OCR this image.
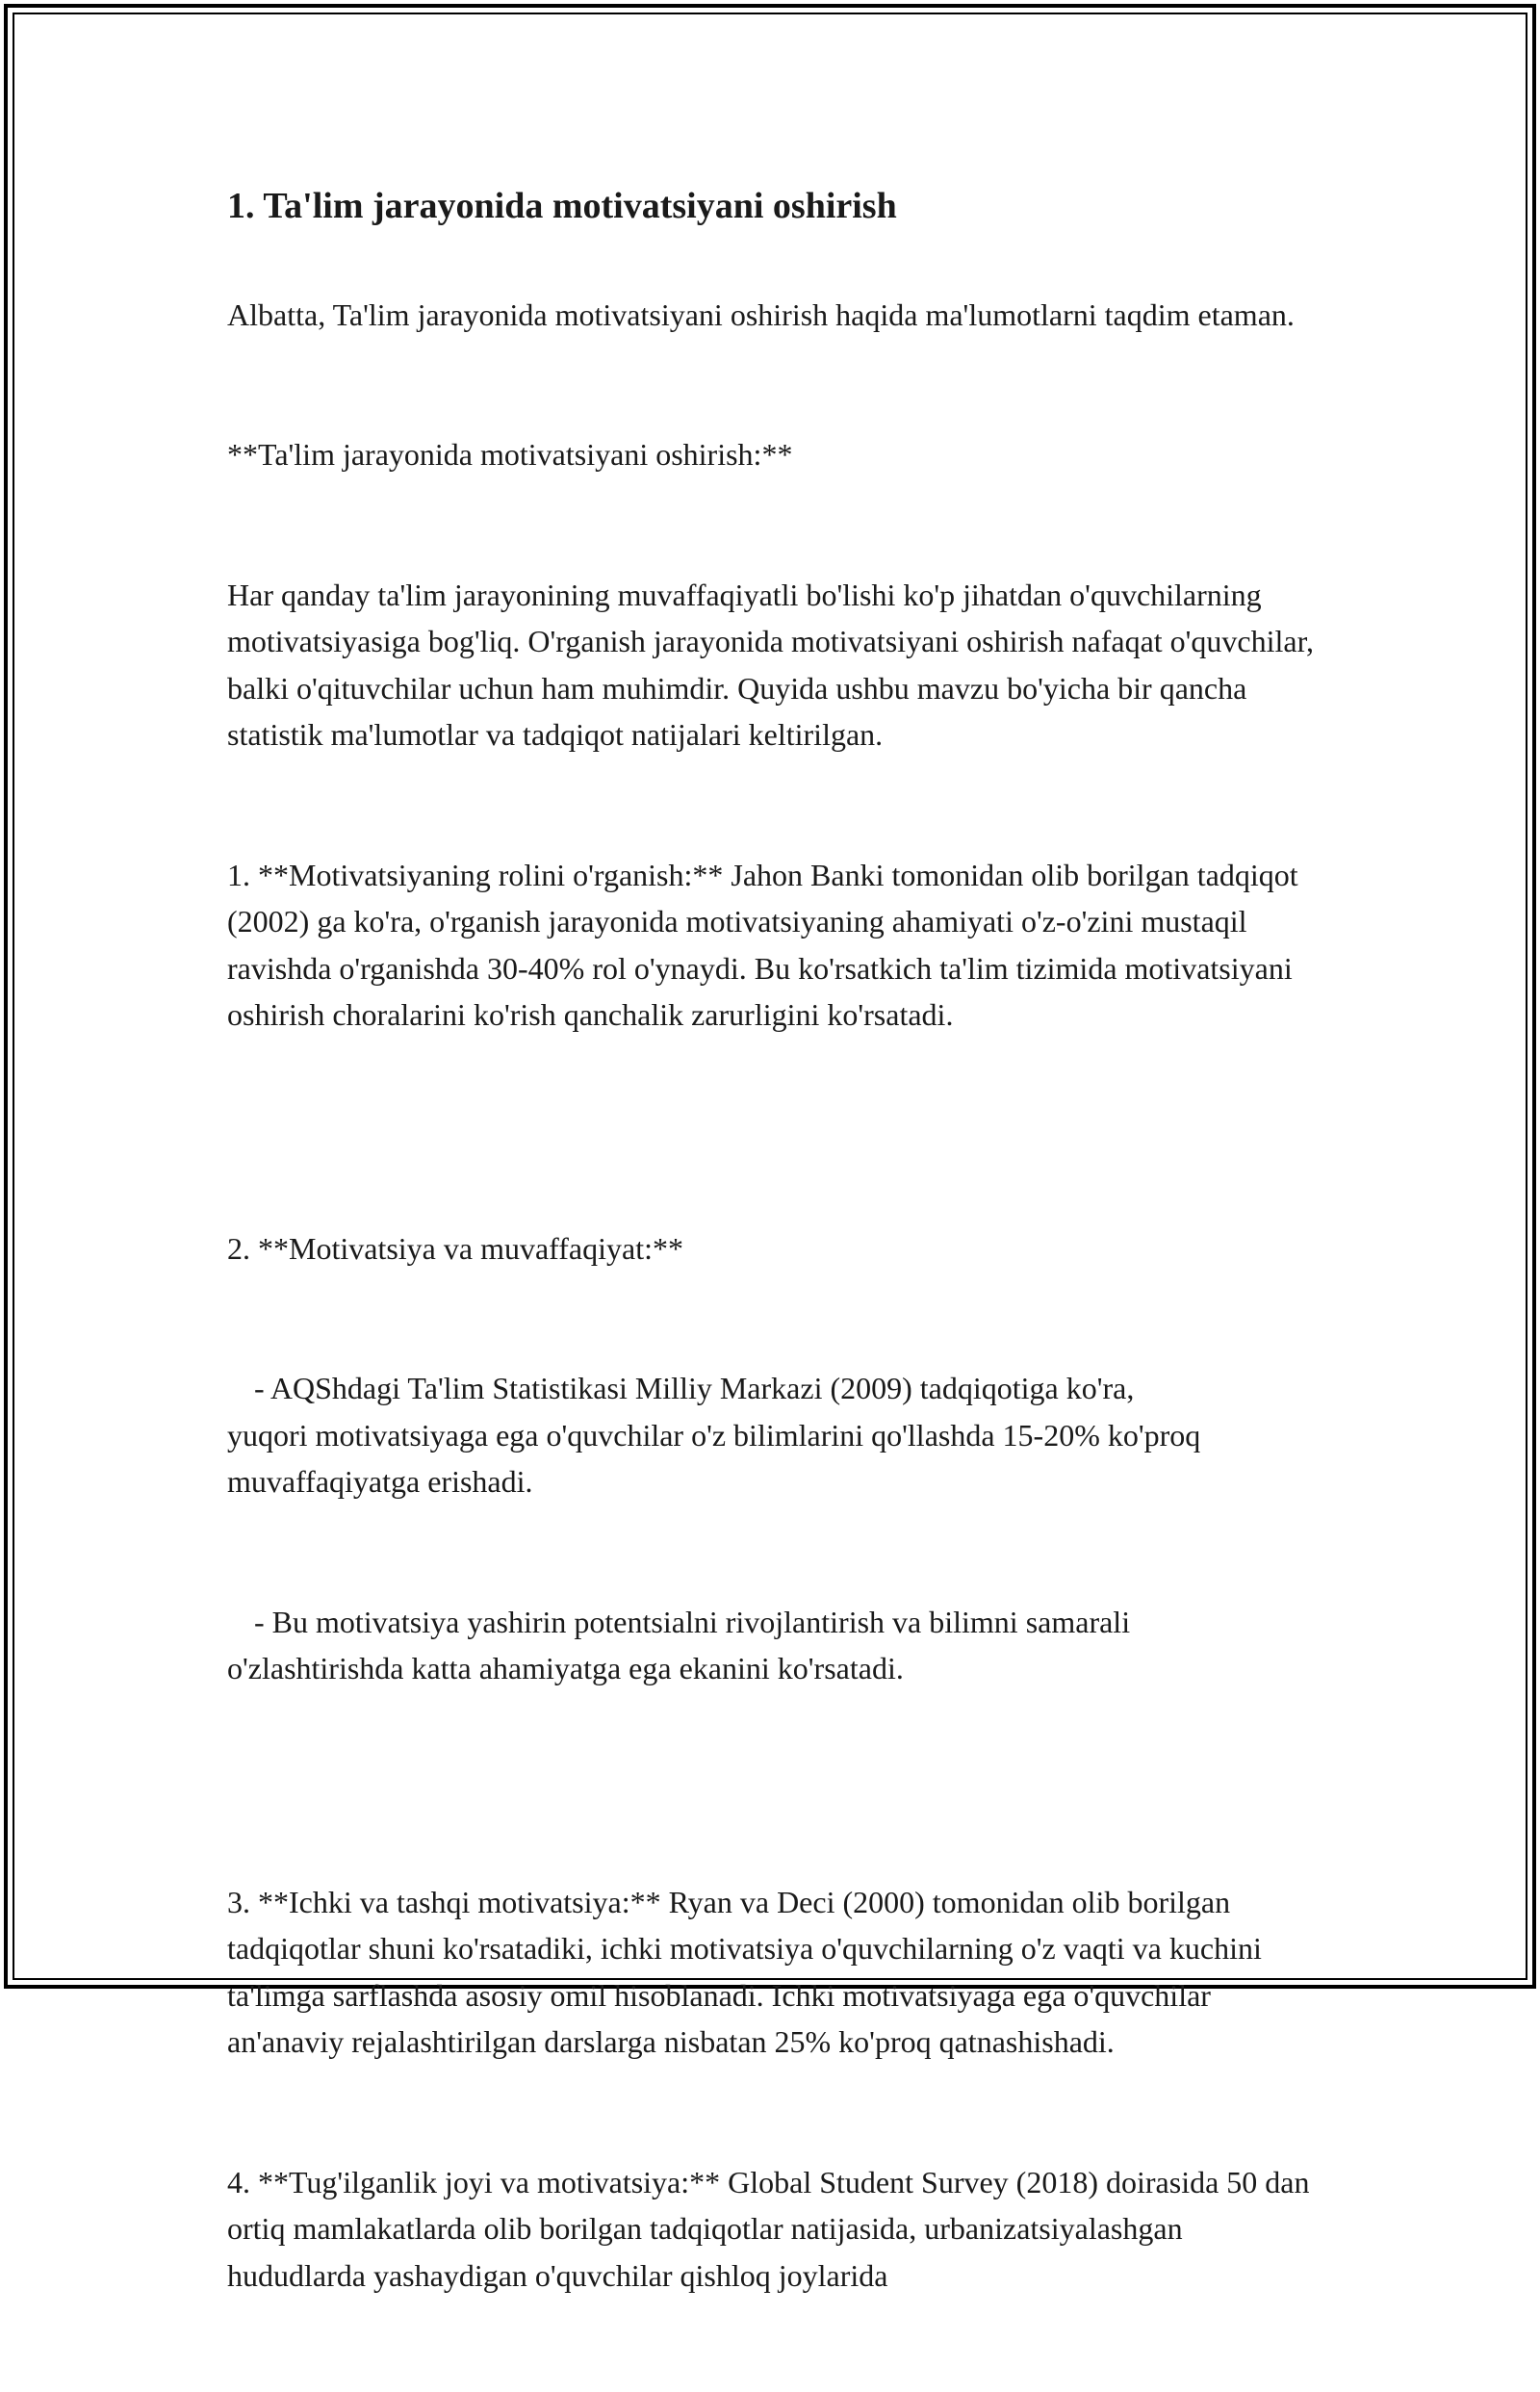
1. Ta'lim jarayonida motivatsiyani oshirish

Albatta, Ta'lim jarayonida motivatsiyani oshirish haqida ma'lumotlarni taqdim etaman.

**Ta'lim jarayonida motivatsiyani oshirish:**

Har qanday ta'lim jarayonining muvaffaqiyatli bo'lishi ko'p jihatdan o'quvchilarning motivatsiyasiga bog'liq. O'rganish jarayonida motivatsiyani oshirish nafaqat o'quvchilar, balki o'qituvchilar uchun ham muhimdir. Quyida ushbu mavzu bo'yicha bir qancha statistik ma'lumotlar va tadqiqot natijalari keltirilgan.

1. **Motivatsiyaning rolini o'rganish:** Jahon Banki tomonidan olib borilgan tadqiqot (2002) ga ko'ra, o'rganish jarayonida motivatsiyaning ahamiyati o'z-o'zini mustaqil ravishda o'rganishda 30-40% rol o'ynaydi. Bu ko'rsatkich ta'lim tizimida motivatsiyani oshirish choralarini ko'rish qanchalik zarurligini ko'rsatadi.

2. **Motivatsiya va muvaffaqiyat:**

- AQShdagi Ta'lim Statistikasi Milliy Markazi (2009) tadqiqotiga ko'ra,
yuqori motivatsiyaga ega o'quvchilar o'z bilimlarini qo'llashda 15-20% ko'proq muvaffaqiyatga erishadi.

- Bu motivatsiya yashirin potentsialni rivojlantirish va bilimni samarali
o'zlashtirishda katta ahamiyatga ega ekanini ko'rsatadi.

3. **Ichki va tashqi motivatsiya:** Ryan va Deci (2000) tomonidan olib borilgan tadqiqotlar shuni ko'rsatadiki, ichki motivatsiya o'quvchilarning o'z vaqti va kuchini ta'limga sarflashda asosiy omil hisoblanadi. Ichki motivatsiyaga ega o'quvchilar an'anaviy rejalashtirilgan darslarga nisbatan 25% ko'proq qatnashishadi.

4. **Tug'ilganlik joyi va motivatsiya:** Global Student Survey (2018) doirasida 50 dan ortiq mamlakatlarda olib borilgan tadqiqotlar natijasida, urbanizatsiyalashgan hududlarda yashaydigan o'quvchilar qishloq joylarida
